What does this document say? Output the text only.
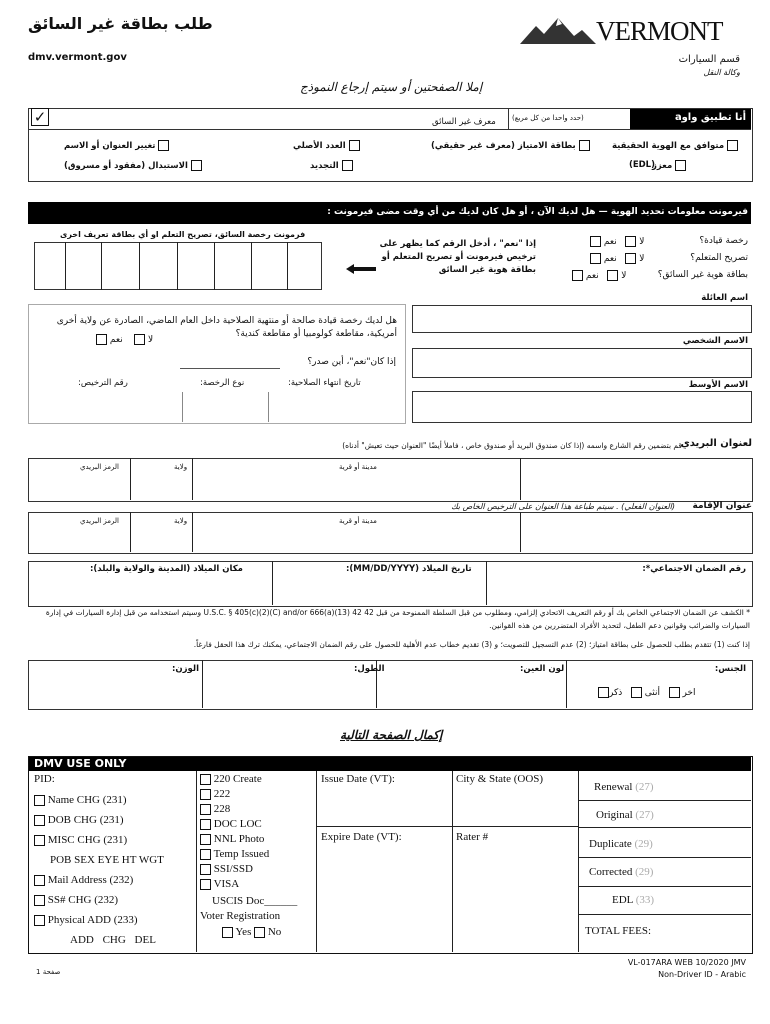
طلب بطاقة غير السائق
dmv.vermont.gov
VERMONT
قسم السيارات
وكالة النقل
إملا الصفحتين أو سيتم إرجاع النموذج
أنا تطبيق واو
a
(حدد واحدا من كل مربع)
معرف غير السائق
✓
تغيير العنوان أو الاسم
الاستبدال (مفقود أو مسروق)
العدد الأصلي
التجديد
بطاقة الامتياز (معرف غير حقيقي)	متوافق مع الهوية الحقيقية
معزز
(EDL)
فيرمونت معلومات تحديد الهوية — هل لديك الآن ، أو هل كان لديك من أي وقت مضى فيرمونت :
رخصة قيادة؟
تصريح المتعلم؟
بطاقة هوية غير السائق؟
لا    نعم
لا    نعم
لا    نعم
إذا "نعم" ، أدخل الرقم كما يظهر على ترخيص فيرمونت أو تصريح المتعلم أو بطاقة هوية غير السائق
فرمونت رخصة السائق، تصريح التعلم او أي بطاقة تعريف اخرى
اسم العائلة
الاسم الشخصي
الاسم الأوسط
هل لديك رخصة قيادة صالحة أو منتهية الصلاحية داخل العام الماضي، الصادرة عن ولاية أخرى أمريكية، مقاطعة كولومبيا أو مقاطعة كندية؟
لا     نعم
إذا كان"نعم"، أين صدر؟
تاريخ انتهاء الصلاحية:
نوع الرخصة:
رقم الترخيص:
لعنوان البريدي
قم بتضمين رقم الشارع واسمه (إذا كان صندوق البريد أو صندوق خاص ، فاملأ أيضًا "العنوان حيث تعيش" أدناه)
الرمز البريدي	ولاية	مدينة أو قرية
عنوان الإقامة
(العنوان الفعلي) . سيتم طباعة هذا العنوان على الترخيص الخاص بك
الرمز البريدي	ولاية	مدينة أو قرية
رقم الضمان الاجتماعي*:
تاريخ الميلاد (MM/DD/YYYY):
مكان الميلاد (المدينة والولاية والبلد):
* الكشف عن الضمان الاجتماعي الخاص بك أو رقم التعريف الاتحادي إلزامي، ومطلوب من قبل السلطة الممنوحة من قبل 42 U.S.C. § 405(c)(2)(C) and/or 666(a)(13) 42 وسيتم استخدامه من قبل إدارة السيارات في إدارة السيارات والضرائب وقوانين دعم الطفل، لتحديد الأفراد المتضررين من هذه القوانين.
إذا كنت (1) تتقدم بطلب للحصول على بطاقة امتياز؛ (2) عدم التسجيل للتصويت؛ و (3) تقديم خطاب عدم الأهلية للحصول على رقم الضمان الاجتماعي، يمكنك ترك هذا الحقل فارغاً.
الجنس:
اخر    أنثى    ذكر
لون العين:
الطول:
الوزن:
إكمال الصفحة التالية
DMV USE ONLY
PID:
Name CHG (231)
DOB CHG (231)
MISC CHG (231)
POB SEX EYE HT WGT
Mail Address (232)
SS# CHG (232)
Physical ADD (233)
ADD CHG DEL
220 Create
222
228
DOC LOC
NNL Photo
Temp Issued
SSI/SSD
VISA
USCIS Doc______
Voter Registration
Yes No
Issue Date (VT):
Expire Date (VT):
City & State (OOS)
Rater #
Renewal (27)
Original (27)
Duplicate (29)
Corrected (29)
EDL (33)
TOTAL FEES:
صفحة 1
VL-017ARA WEB 10/2020 JMV
Non-Driver ID - Arabic
